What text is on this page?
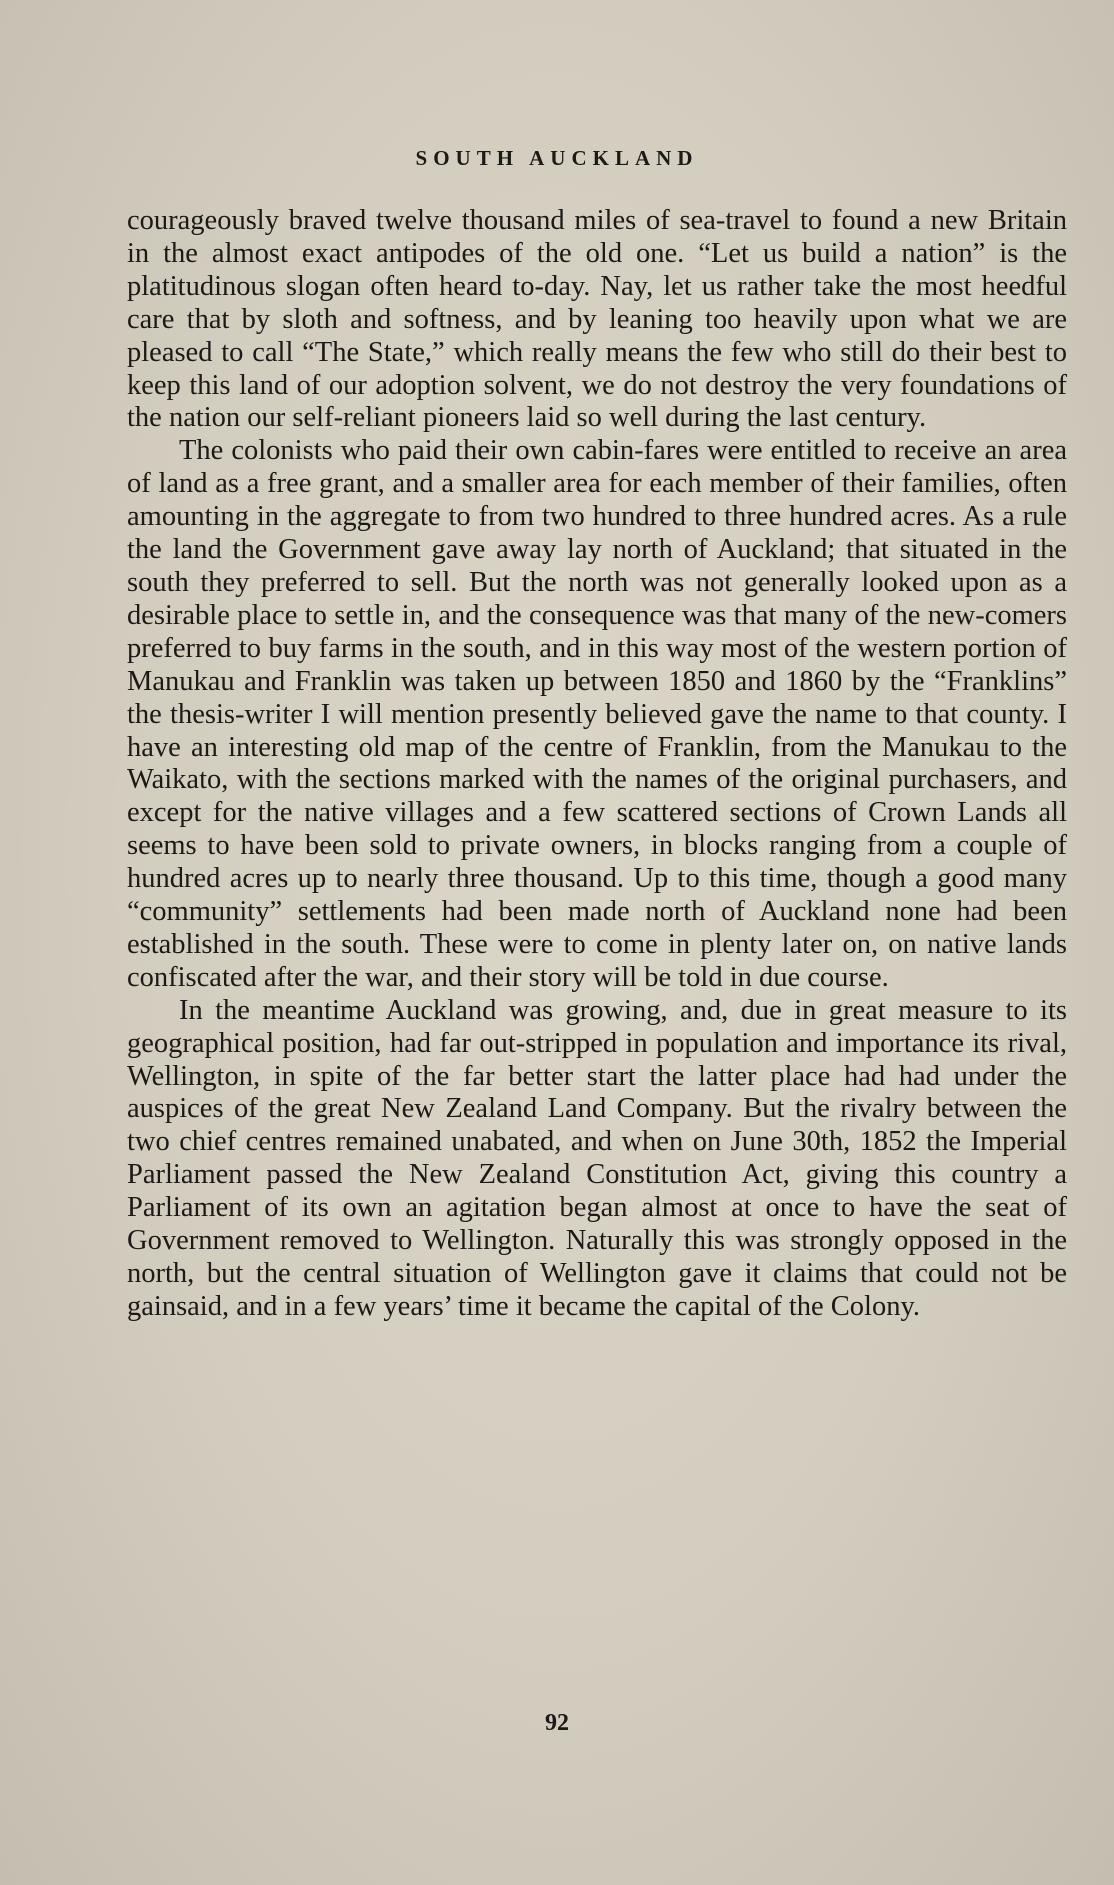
SOUTH AUCKLAND

courageously braved twelve thousand miles of sea-travel to found a new Britain in the almost exact antipodes of the old one. “Let us build a nation” is the platitudinous slogan often heard to-day. Nay, let us rather take the most heedful care that by sloth and softness, and by leaning too heavily upon what we are pleased to call “The State,” which really means the few who still do their best to keep this land of our adoption solvent, we do not destroy the very foundations of the nation our self-reliant pioneers laid so well during the last century.

The colonists who paid their own cabin-fares were entitled to receive an area of land as a free grant, and a smaller area for each member of their families, often amounting in the aggregate to from two hundred to three hundred acres. As a rule the land the Government gave away lay north of Auckland; that situated in the south they preferred to sell. But the north was not generally looked upon as a desirable place to settle in, and the consequence was that many of the new-comers preferred to buy farms in the south, and in this way most of the western portion of Manukau and Franklin was taken up between 1850 and 1860 by the “Franklins” the thesis-writer I will mention presently believed gave the name to that county. I have an interesting old map of the centre of Franklin, from the Manukau to the Waikato, with the sections marked with the names of the original purchasers, and except for the native villages and a few scattered sections of Crown Lands all seems to have been sold to private owners, in blocks ranging from a couple of hundred acres up to nearly three thousand. Up to this time, though a good many “community” settlements had been made north of Auckland none had been established in the south. These were to come in plenty later on, on native lands confiscated after the war, and their story will be told in due course.

In the meantime Auckland was growing, and, due in great measure to its geographical position, had far out-stripped in population and importance its rival, Wellington, in spite of the far better start the latter place had had under the auspices of the great New Zealand Land Company. But the rivalry between the two chief centres remained unabated, and when on June 30th, 1852 the Imperial Parliament passed the New Zealand Constitution Act, giving this country a Parliament of its own an agitation began almost at once to have the seat of Government removed to Wellington. Naturally this was strongly opposed in the north, but the central situation of Wellington gave it claims that could not be gainsaid, and in a few years’ time it became the capital of the Colony.

92
